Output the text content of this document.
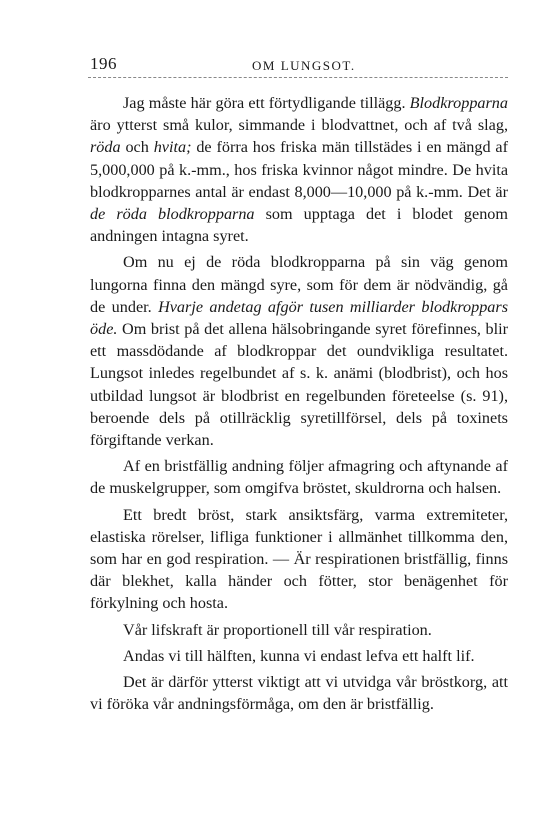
196	OM LUNGSOT.

Jag måste här göra ett förtydligande tillägg. Blodkropparna äro ytterst små kulor, simmande i blodvattnet, och af två slag, röda och hvita; de förra hos friska män tillstädes i en mängd af 5,000,000 på k.-mm., hos friska kvinnor något mindre. De hvita blodkropparnes antal är endast 8,000—10,000 på k.-mm. Det är de röda blodkropparna som upptaga det i blodet genom andningen intagna syret.

Om nu ej de röda blodkropparna på sin väg genom lungorna finna den mängd syre, som för dem är nödvändig, gå de under. Hvarje andetag afgör tusen milliarder blodkroppars öde. Om brist på det allena hälsobringande syret förefinnes, blir ett massdödande af blodkroppar det oundvikliga resultatet. Lungsot inledes regelbundet af s. k. anämi (blodbrist), och hos utbildad lungsot är blodbrist en regelbunden företeelse (s. 91), beroende dels på otillräcklig syretillförsel, dels på toxinets förgiftande verkan.

Af en bristfällig andning följer afmagring och aftynande af de muskelgrupper, som omgifva bröstet, skuldrorna och halsen.

Ett bredt bröst, stark ansiktsfärg, varma extremiteter, elastiska rörelser, lifliga funktioner i allmänhet tillkomma den, som har en god respiration. — Är respirationen bristfällig, finns där blekhet, kalla händer och fötter, stor benägenhet för förkylning och hosta.

Vår lifskraft är proportionell till vår respiration.

Andas vi till hälften, kunna vi endast lefva ett halft lif.

Det är därför ytterst viktigt att vi utvidga vår bröstkorg, att vi föröka vår andningsförmåga, om den är bristfällig.
